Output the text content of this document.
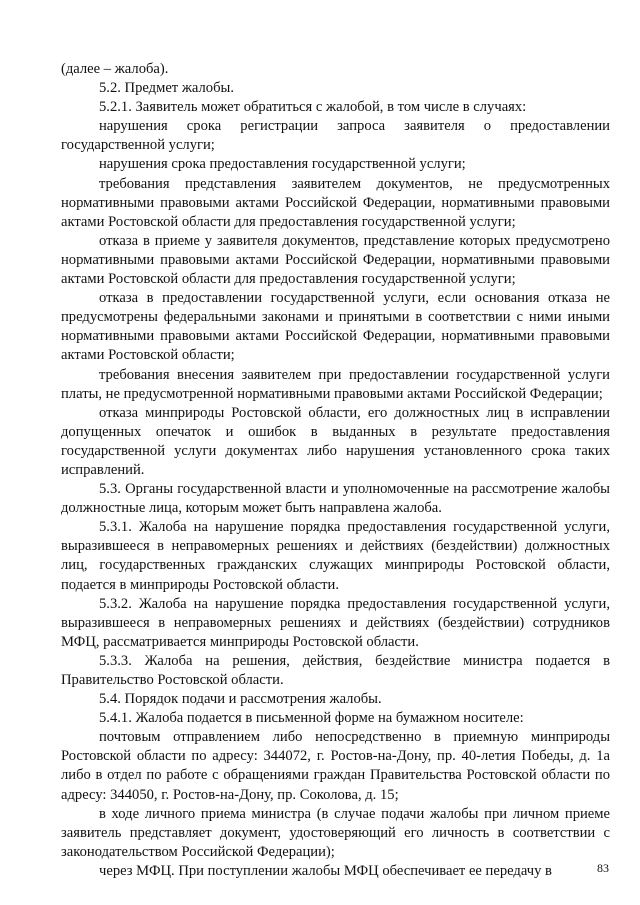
(далее – жалоба).

5.2. Предмет жалобы.

5.2.1. Заявитель может обратиться с жалобой, в том числе в случаях:

нарушения срока регистрации запроса заявителя о предоставлении государственной услуги;

нарушения срока предоставления государственной услуги;

требования представления заявителем документов, не предусмотренных нормативными правовыми актами Российской Федерации, нормативными правовыми актами Ростовской области для предоставления государственной услуги;

отказа в приеме у заявителя документов, представление которых предусмотрено нормативными правовыми актами Российской Федерации, нормативными правовыми актами Ростовской области для предоставления государственной услуги;

отказа в предоставлении государственной услуги, если основания отказа не предусмотрены федеральными законами и принятыми в соответствии с ними иными нормативными правовыми актами Российской Федерации, нормативными правовыми актами Ростовской области;

требования внесения заявителем при предоставлении государственной услуги платы, не предусмотренной нормативными правовыми актами Российской Федерации;

отказа минприроды Ростовской области, его должностных лиц в исправлении допущенных опечаток и ошибок в выданных в результате предоставления государственной услуги документах либо нарушения установленного срока таких исправлений.

5.3. Органы государственной власти и уполномоченные на рассмотрение жалобы должностные лица, которым может быть направлена жалоба.

5.3.1. Жалоба на нарушение порядка предоставления государственной услуги, выразившееся в неправомерных решениях и действиях (бездействии) должностных лиц, государственных гражданских служащих минприроды Ростовской области, подается в минприроды Ростовской области.

5.3.2. Жалоба на нарушение порядка предоставления государственной услуги, выразившееся в неправомерных решениях и действиях (бездействии) сотрудников МФЦ, рассматривается минприроды Ростовской области.

5.3.3. Жалоба на решения, действия, бездействие министра подается в Правительство Ростовской области.

5.4. Порядок подачи и рассмотрения жалобы.

5.4.1. Жалоба подается в письменной форме на бумажном носителе:

почтовым отправлением либо непосредственно в приемную минприроды Ростовской области по адресу: 344072, г. Ростов-на-Дону, пр. 40-летия Победы, д. 1а либо в отдел по работе с обращениями граждан Правительства Ростовской области по адресу: 344050, г. Ростов-на-Дону, пр. Соколова, д. 15;

в ходе личного приема министра (в случае подачи жалобы при личном приеме заявитель представляет документ, удостоверяющий его личность в соответствии с законодательством Российской Федерации);

через МФЦ. При поступлении жалобы МФЦ обеспечивает ее передачу в	83
